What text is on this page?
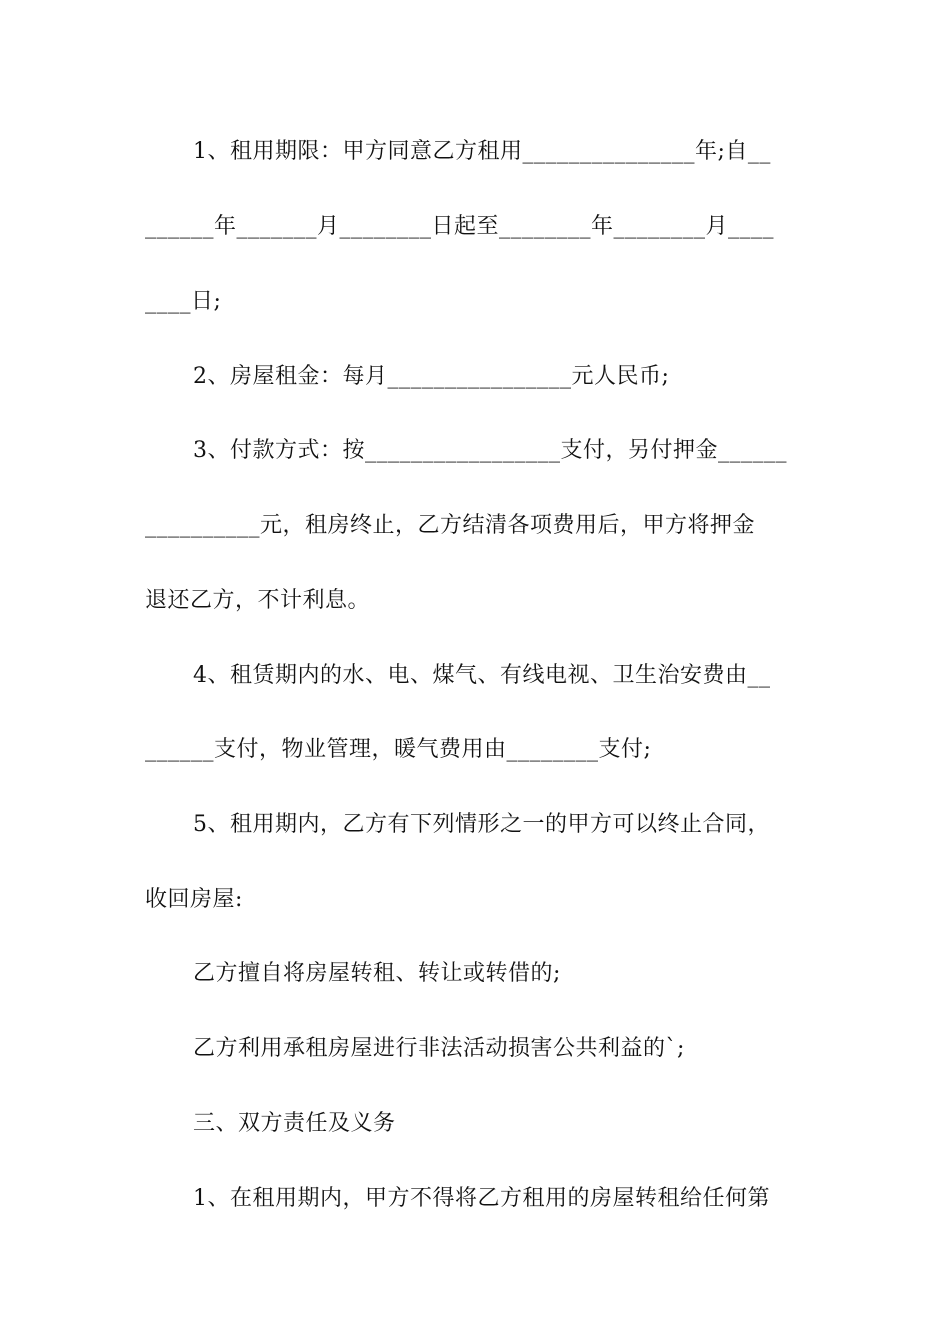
1、租用期限：甲方同意乙方租用_______________年;自__
______年_______月________日起至________年________月____
____日;
2、房屋租金：每月________________元人民币;
3、付款方式：按_________________支付，另付押金______
__________元，租房终止，乙方结清各项费用后，甲方将押金
退还乙方，不计利息。
4、租赁期内的水、电、煤气、有线电视、卫生治安费由__
______支付，物业管理，暖气费用由________支付;
5、租用期内，乙方有下列情形之一的甲方可以终止合同，
收回房屋:
乙方擅自将房屋转租、转让或转借的;
乙方利用承租房屋进行非法活动损害公共利益的`;
三、双方责任及义务
1、在租用期内，甲方不得将乙方租用的房屋转租给任何第
